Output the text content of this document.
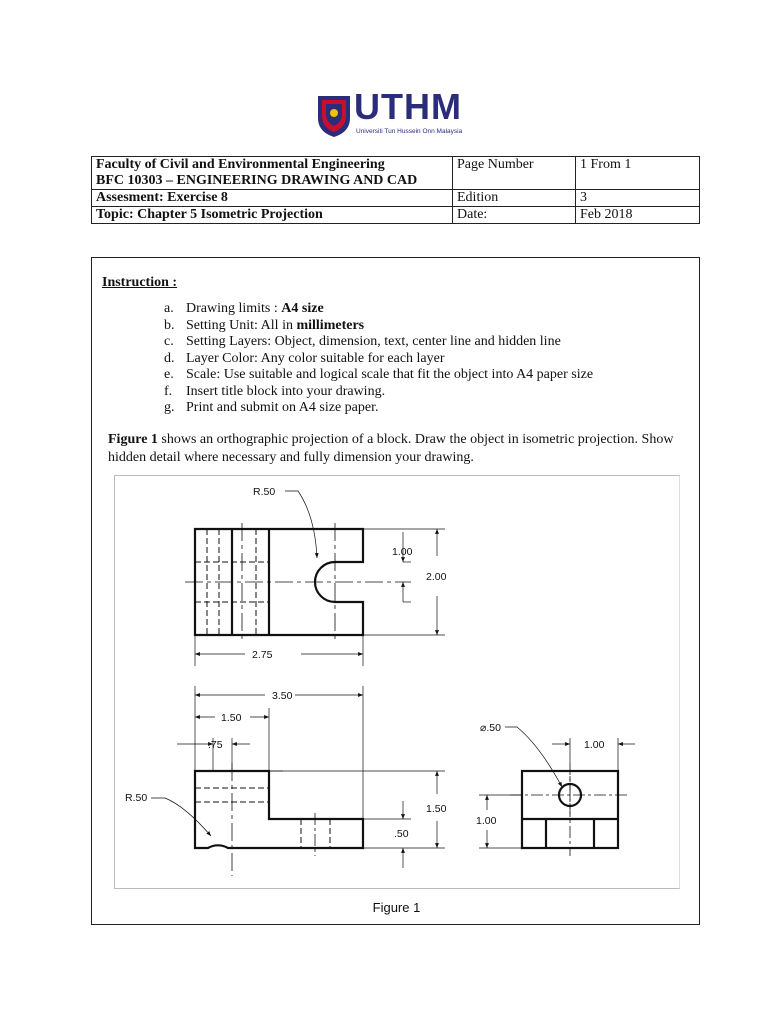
UTHM
Universiti Tun Hussein Onn Malaysia
Faculty of Civil and Environmental Engineering
BFC 10303 – ENGINEERING DRAWING AND CAD	Page Number	1 From 1
Assesment: Exercise 8	Edition	3
Topic: Chapter 5 Isometric Projection	Date:	Feb 2018
Instruction :
a. Drawing limits : A4 size
b. Setting Unit: All in millimeters
c. Setting Layers: Object, dimension, text, center line and hidden line
d. Layer Color: Any color suitable for each layer
e. Scale: Use suitable and logical scale that fit the object into A4 paper size
f. Insert title block into your drawing.
g. Print and submit on A4 size paper.
Figure 1 shows an orthographic projection of a block. Draw the object in isometric projection. Show hidden detail where necessary and fully dimension your drawing.
R.50
1.00
2.00
2.75
3.50
1.50
.75
R.50
1.50
.50
⌀.50
1.00
1.00
Figure 1
